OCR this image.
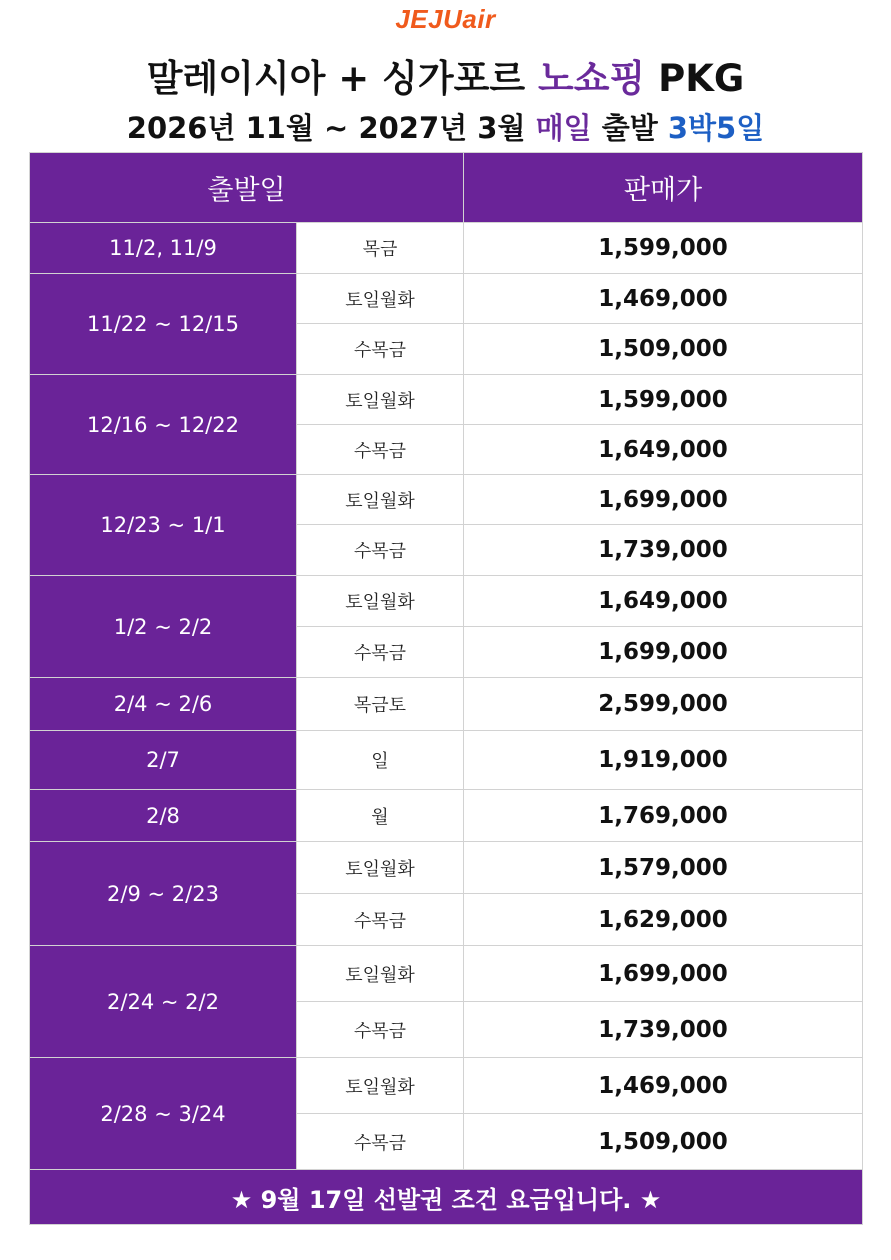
JEJUair
말레이시아 + 싱가포르 노쇼핑 PKG
2026년 11월 ~ 2027년 3월 매일 출발 3박5일
출발일		판매가
11/2, 11/9	목금	1,599,000
11/22 ~ 12/15	토일월화	1,469,000
	수목금	1,509,000
12/16 ~ 12/22	토일월화	1,599,000
	수목금	1,649,000
12/23 ~ 1/1	토일월화	1,699,000
	수목금	1,739,000
1/2 ~ 2/2	토일월화	1,649,000
	수목금	1,699,000
2/4 ~ 2/6	목금토	2,599,000
2/7	일	1,919,000
2/8	월	1,769,000
2/9 ~ 2/23	토일월화	1,579,000
	수목금	1,629,000
2/24 ~ 2/2	토일월화	1,699,000
	수목금	1,739,000
2/28 ~ 3/24	토일월화	1,469,000
	수목금	1,509,000
★ 9월 17일 선발권 조건 요금입니다. ★		
